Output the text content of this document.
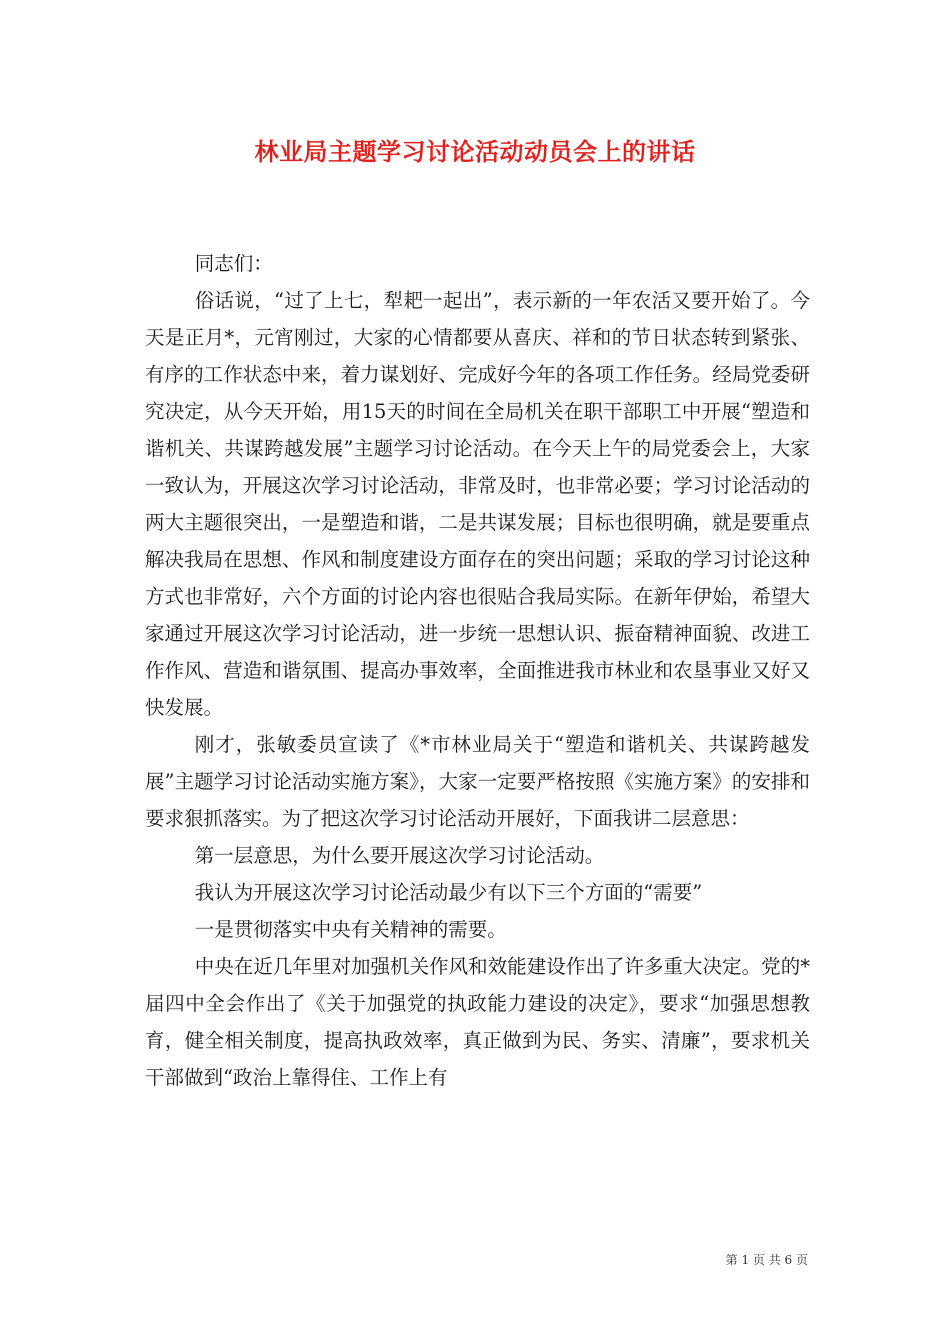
林业局主题学习讨论活动动员会上的讲话

同志们：

俗话说，“过了上七，犁耙一起出”，表示新的一年农活又要开始了。今天是正月*，元宵刚过，大家的心情都要从喜庆、祥和的节日状态转到紧张、有序的工作状态中来，着力谋划好、完成好今年的各项工作任务。经局党委研究决定，从今天开始，用15天的时间在全局机关在职干部职工中开展“塑造和谐机关、共谋跨越发展”主题学习讨论活动。在今天上午的局党委会上，大家一致认为，开展这次学习讨论活动，非常及时，也非常必要；学习讨论活动的两大主题很突出，一是塑造和谐，二是共谋发展；目标也很明确，就是要重点解决我局在思想、作风和制度建设方面存在的突出问题；采取的学习讨论这种方式也非常好，六个方面的讨论内容也很贴合我局实际。在新年伊始，希望大家通过开展这次学习讨论活动，进一步统一思想认识、振奋精神面貌、改进工作作风、营造和谐氛围、提高办事效率，全面推进我市林业和农垦事业又好又快发展。

刚才，张敏委员宣读了《*市林业局关于“塑造和谐机关、共谋跨越发展”主题学习讨论活动实施方案》，大家一定要严格按照《实施方案》的安排和要求狠抓落实。为了把这次学习讨论活动开展好，下面我讲二层意思：

第一层意思，为什么要开展这次学习讨论活动。

我认为开展这次学习讨论活动最少有以下三个方面的“需要”

一是贯彻落实中央有关精神的需要。

中央在近几年里对加强机关作风和效能建设作出了许多重大决定。党的*届四中全会作出了《关于加强党的执政能力建设的决定》，要求“加强思想教育，健全相关制度，提高执政效率，真正做到为民、务实、清廉”，要求机关干部做到“政治上靠得住、工作上有

第 1 页 共 6 页
